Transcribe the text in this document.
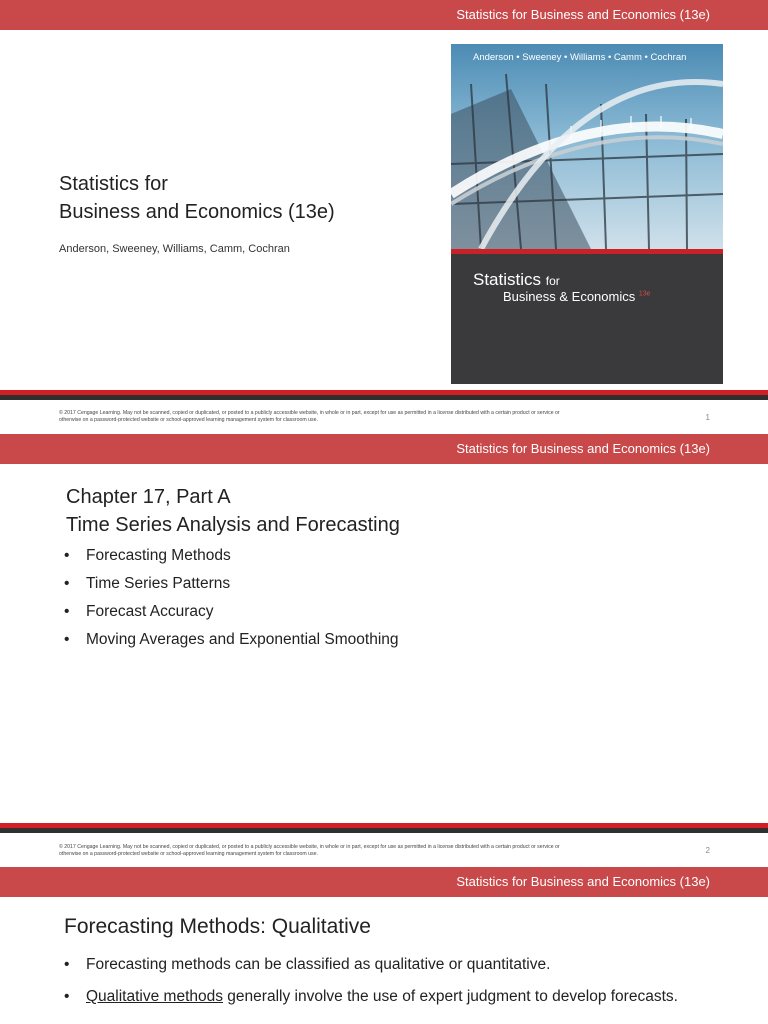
Statistics for Business and Economics (13e)
Statistics for
Business and Economics (13e)
Anderson, Sweeney, Williams, Camm, Cochran
Anderson • Sweeney • Williams • Camm • Cochran
Statistics for
Business & Economics $^{13e}$
© 2017 Cengage Learning. May not be scanned, copied or duplicated, or posted to a publicly accessible website, in whole or in part, except for use as permitted in a license distributed with a certain product or service or
otherwise on a password-protected website or school-approved learning management system for classroom use.	1
Statistics for Business and Economics (13e)
© 2017 Cengage Learning. May not be scanned, copied or duplicated, or posted to a publicly accessible website, in whole or in part, except for use as permitted in a license distributed with a certain product or service or
otherwise on a password-protected website or school-approved learning management system for classroom use.	2
Chapter 17, Part A
Time Series Analysis and Forecasting
• Forecasting Methods
• Time Series Patterns
• Forecast Accuracy
• Moving Averages and Exponential Smoothing
Statistics for Business and Economics (13e)
Forecasting Methods: Qualitative
• Forecasting methods can be classified as qualitative or quantitative.
• Qualitative methods generally involve the use of expert judgment to develop forecasts.
